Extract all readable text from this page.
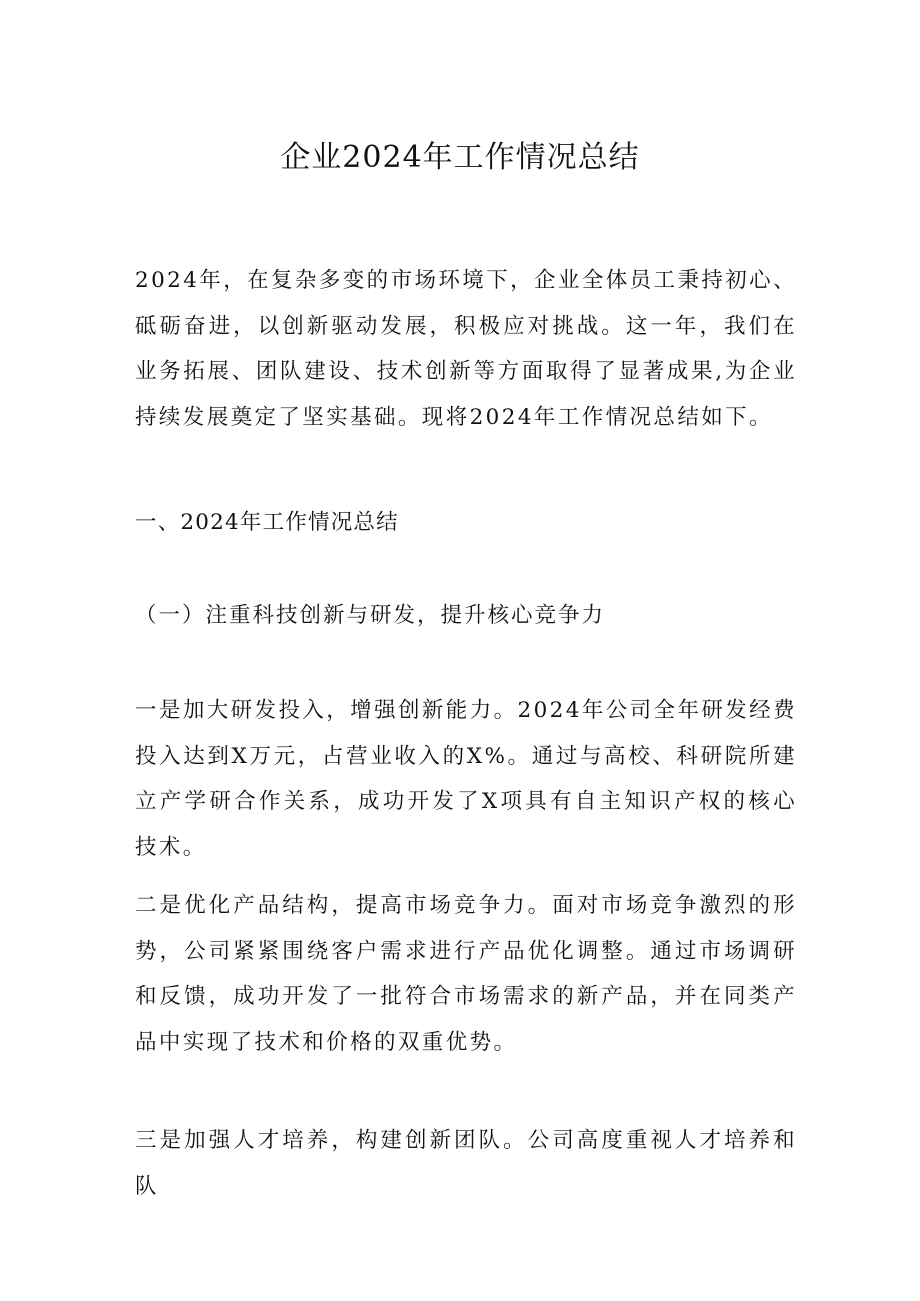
企业2024年工作情况总结

2024年，在复杂多变的市场环境下，企业全体员工秉持初心、砥砺奋进，以创新驱动发展，积极应对挑战。这一年，我们在业务拓展、团队建设、技术创新等方面取得了显著成果,为企业持续发展奠定了坚实基础。现将2024年工作情况总结如下。

一、2024年工作情况总结
（一）注重科技创新与研发，提升核心竞争力

一是加大研发投入，增强创新能力。2024年公司全年研发经费投入达到X万元，占营业收入的X%。通过与高校、科研院所建立产学研合作关系，成功开发了X项具有自主知识产权的核心技术。

二是优化产品结构，提高市场竞争力。面对市场竞争激烈的形势，公司紧紧围绕客户需求进行产品优化调整。通过市场调研和反馈，成功开发了一批符合市场需求的新产品，并在同类产品中实现了技术和价格的双重优势。

三是加强人才培养，构建创新团队。公司高度重视人才培养和队
